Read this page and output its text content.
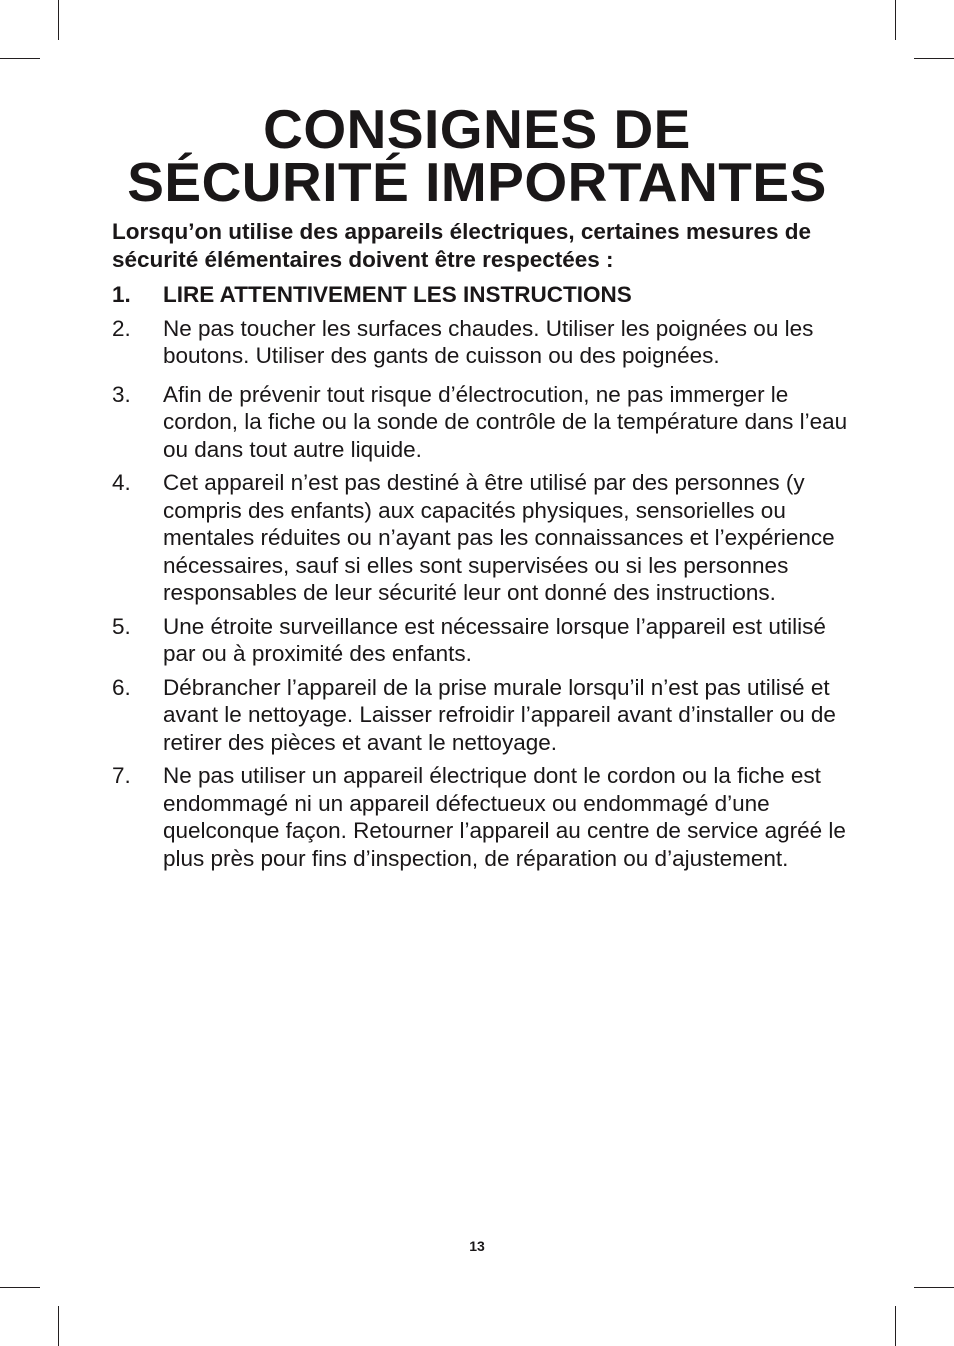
CONSIGNES DE
SÉCURITÉ IMPORTANTES

Lorsqu’on utilise des appareils électriques, certaines mesures de sécurité élémentaires doivent être respectées :

1. LIRE ATTENTIVEMENT LES INSTRUCTIONS
2. Ne pas toucher les surfaces chaudes. Utiliser les poignées ou les boutons. Utiliser des gants de cuisson ou des poignées.
3. Afin de prévenir tout risque d’électrocution, ne pas immerger le cordon, la fiche ou la sonde de contrôle de la température dans l’eau ou dans tout autre liquide.
4. Cet appareil n’est pas destiné à être utilisé par des personnes (y compris des enfants) aux capacités physiques, sensorielles ou mentales réduites ou n’ayant pas les connaissances et l’expérience nécessaires, sauf si elles sont supervisées ou si les personnes responsables de leur sécurité leur ont donné des instructions.
5. Une étroite surveillance est nécessaire lorsque l’appareil est utilisé par ou à proximité des enfants.
6. Débrancher l’appareil de la prise murale lorsqu’il n’est pas utilisé et avant le nettoyage. Laisser refroidir l’appareil avant d’installer ou de retirer des pièces et avant le nettoyage.
7. Ne pas utiliser un appareil électrique dont le cordon ou la fiche est endommagé ni un appareil défectueux ou endommagé d’une quelconque façon. Retourner l’appareil au centre de service agréé le plus près pour fins d’inspection, de réparation ou d’ajustement.
13
